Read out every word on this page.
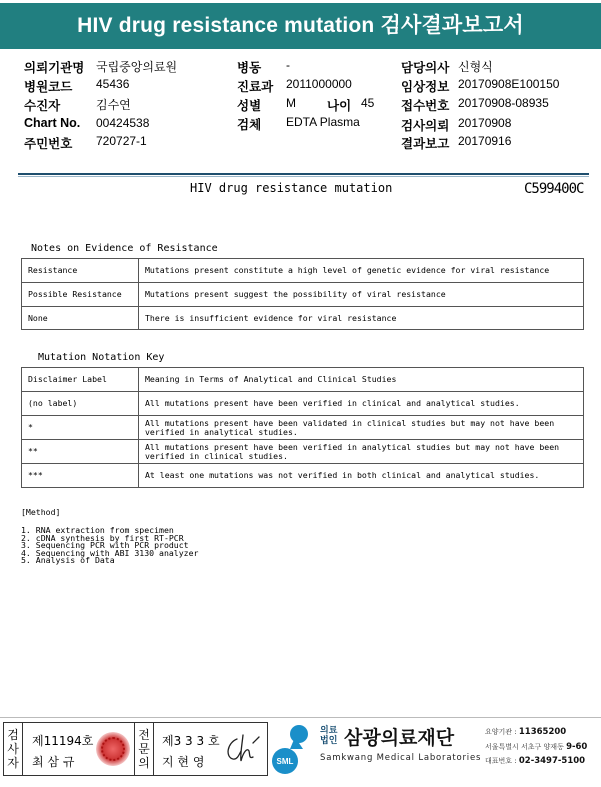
HIV drug resistance mutation 검사결과보고서
의뢰기관명 국립중앙의료원
병원코드 45436
수진자	김수연
Chart No. 00424538
주민번호 720727-1
병동 -
진료과 2011000000
성별 M 나이 45
검체 EDTA Plasma
담당의사 신형식
임상정보 20170908E100150
접수번호 20170908-08935
검사의뢰 20170908
결과보고 20170916
HIV drug resistance mutation	C599400C
Notes on Evidence of Resistance
Resistance	Mutations present constitute a high level of genetic evidence for viral resistance
Possible Resistance	Mutations present suggest the possibility of viral resistance
None	There is insufficient evidence for viral resistance
Mutation Notation Key
Disclaimer Label	Meaning in Terms of Analytical and Clinical Studies
(no label)	All mutations present have been verified in clinical and analytical studies.
*	All mutations present have been validated in clinical studies but may not have been verified in analytical studies.
**	All mutations present have been verified in analytical studies but may not have been verified in clinical studies.
***	At least one mutations was not verified in both clinical and analytical studies.
[Method]
1. RNA extraction from specimen
2. cDNA synthesis by first RT-PCR
3. Sequencing PCR with PCR product
4. Sequencing with ABI 3130 analyzer
5. Analysis of Data
검
사
자
제11194호
최 삼 규
전
문
의
제3 3 3 호
지 현 영	SML
의료
법인 삼광의료재단
Samkwang Medical Laboratories
요양기관 : 11365200
서울특별시 서초구 양재동 9-60
대표번호 : 02-3497-5100
